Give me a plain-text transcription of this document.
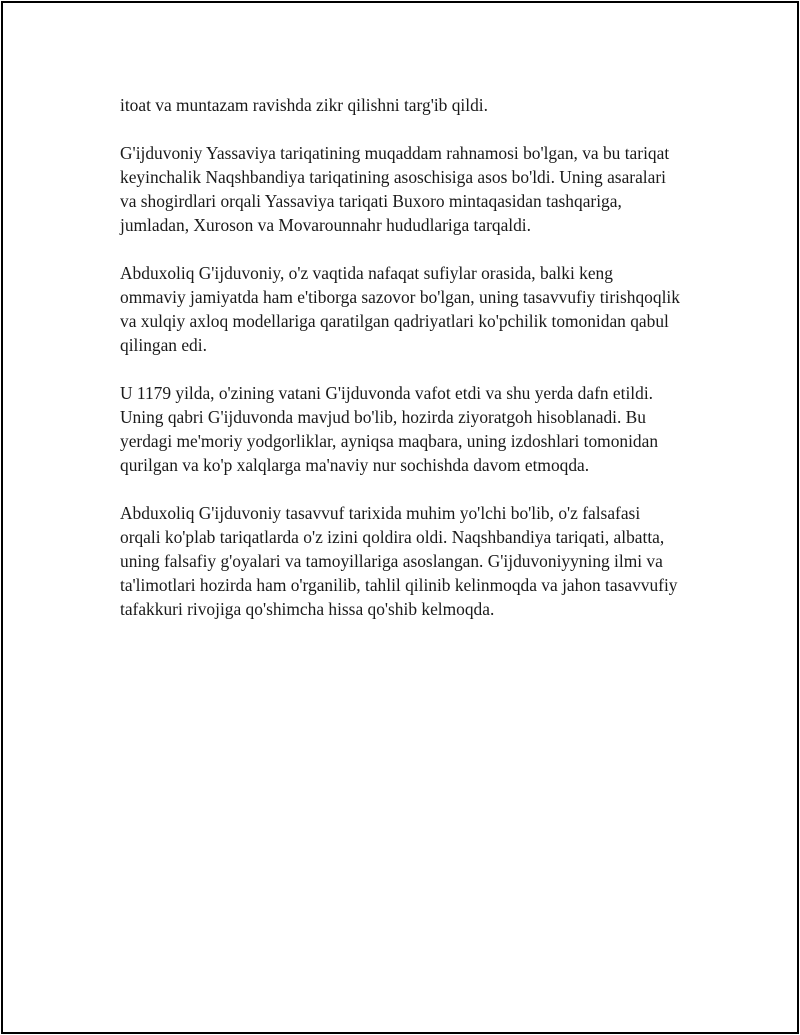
itoat va muntazam ravishda zikr qilishni targ'ib qildi.

G'ijduvoniy Yassaviya tariqatining muqaddam rahnamosi bo'lgan, va bu tariqat keyinchalik Naqshbandiya tariqatining asoschisiga asos bo'ldi. Uning asaralari va shogirdlari orqali Yassaviya tariqati Buxoro mintaqasidan tashqariga, jumladan, Xuroson va Movarounnahr hududlariga tarqaldi.

Abduxoliq G'ijduvoniy, o'z vaqtida nafaqat sufiylar orasida, balki keng ommaviy jamiyatda ham e'tiborga sazovor bo'lgan, uning tasavvufiy tirishqoqlik va xulqiy axloq modellariga qaratilgan qadriyatlari ko'pchilik tomonidan qabul qilingan edi.

U 1179 yilda, o'zining vatani G'ijduvonda vafot etdi va shu yerda dafn etildi. Uning qabri G'ijduvonda mavjud bo'lib, hozirda ziyoratgoh hisoblanadi. Bu yerdagi me'moriy yodgorliklar, ayniqsa maqbara, uning izdoshlari tomonidan qurilgan va ko'p xalqlarga ma'naviy nur sochishda davom etmoqda.

Abduxoliq G'ijduvoniy tasavvuf tarixida muhim yo'lchi bo'lib, o'z falsafasi orqali ko'plab tariqatlarda o'z izini qoldira oldi. Naqshbandiya tariqati, albatta, uning falsafiy g'oyalari va tamoyillariga asoslangan. G'ijduvoniyyning ilmi va ta'limotlari hozirda ham o'rganilib, tahlil qilinib kelinmoqda va jahon tasavvufiy tafakkuri rivojiga qo'shimcha hissa qo'shib kelmoqda.
